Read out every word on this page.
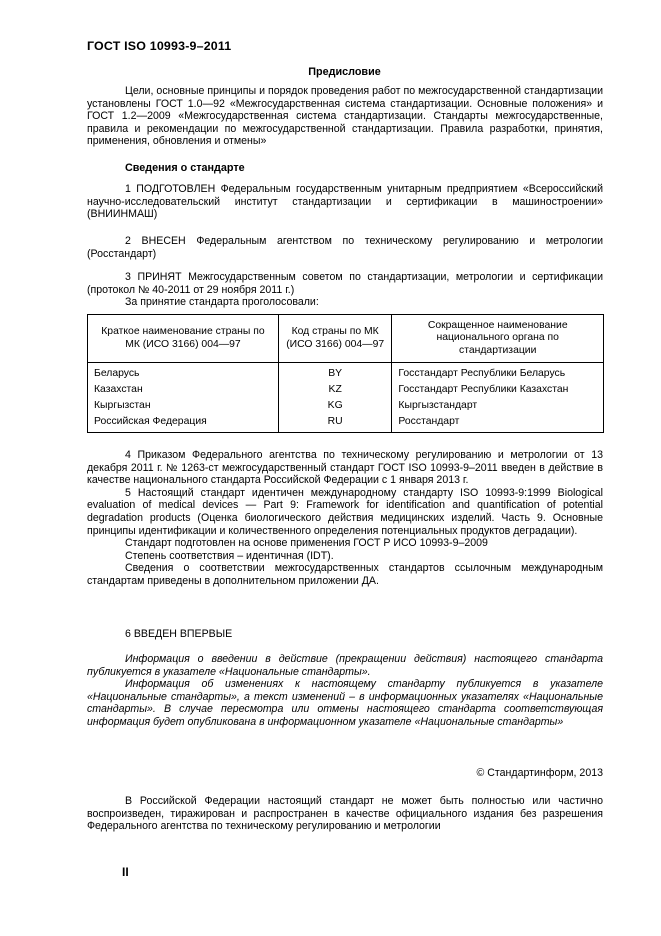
ГОСТ ISO 10993-9–2011
Предисловие

Цели, основные принципы и порядок проведения работ по межгосударственной стандартизации установлены ГОСТ 1.0—92 «Межгосударственная система стандартизации. Основные положения» и ГОСТ 1.2—2009 «Межгосударственная система стандартизации. Стандарты межгосударственные, правила и рекомендации по межгосударственной стандартизации. Правила разработки, принятия, применения, обновления и отмены»

Сведения о стандарте

1 ПОДГОТОВЛЕН Федеральным государственным унитарным предприятием «Всероссийский научно-исследовательский институт стандартизации и сертификации в машиностроении» (ВНИИНМАШ)

2 ВНЕСЕН Федеральным агентством по техническому регулированию и метрологии (Росстандарт)

3 ПРИНЯТ Межгосударственным советом по стандартизации, метрологии и сертификации (протокол № 40-2011 от 29 ноября 2011 г.)

За принятие стандарта проголосовали:

Краткое наименование страны по МК (ИСО 3166) 004—97	Код страны по МК (ИСО 3166) 004—97	Сокращенное наименование национального органа по стандартизации
Беларусь	BY	Госстандарт Республики Беларусь
Казахстан	KZ	Госстандарт Республики Казахстан
Кыргызстан	KG	Кыргызстандарт
Российская Федерация	RU	Росстандарт

4 Приказом Федерального агентства по техническому регулированию и метрологии от 13 декабря 2011 г. № 1263-ст межгосударственный стандарт ГОСТ ISO 10993-9–2011 введен в действие в качестве национального стандарта Российской Федерации с 1 января 2013 г.

5 Настоящий стандарт идентичен международному стандарту ISO 10993-9:1999 Biological evaluation of medical devices — Part 9: Framework for identification and quantification of potential degradation products (Оценка биологического действия медицинских изделий. Часть 9. Основные принципы идентификации и количественного определения потенциальных продуктов деградации).

Стандарт подготовлен на основе применения ГОСТ Р ИСО 10993-9–2009

Степень соответствия – идентичная (IDT).

Сведения о соответствии межгосударственных стандартов ссылочным международным стандартам приведены в дополнительном приложении ДА.

6 ВВЕДЕН ВПЕРВЫЕ

Информация о введении в действие (прекращении действия) настоящего стандарта публикуется в указателе «Национальные стандарты».

Информация об изменениях к настоящему стандарту публикуется в указателе «Национальные стандарты», а текст изменений – в информационных указателях «Национальные стандарты». В случае пересмотра или отмены настоящего стандарта соответствующая информация будет опубликована в информационном указателе «Национальные стандарты»

© Стандартинформ, 2013

В Российской Федерации настоящий стандарт не может быть полностью или частично воспроизведен, тиражирован и распространен в качестве официального издания без разрешения Федерального агентства по техническому регулированию и метрологии

II
